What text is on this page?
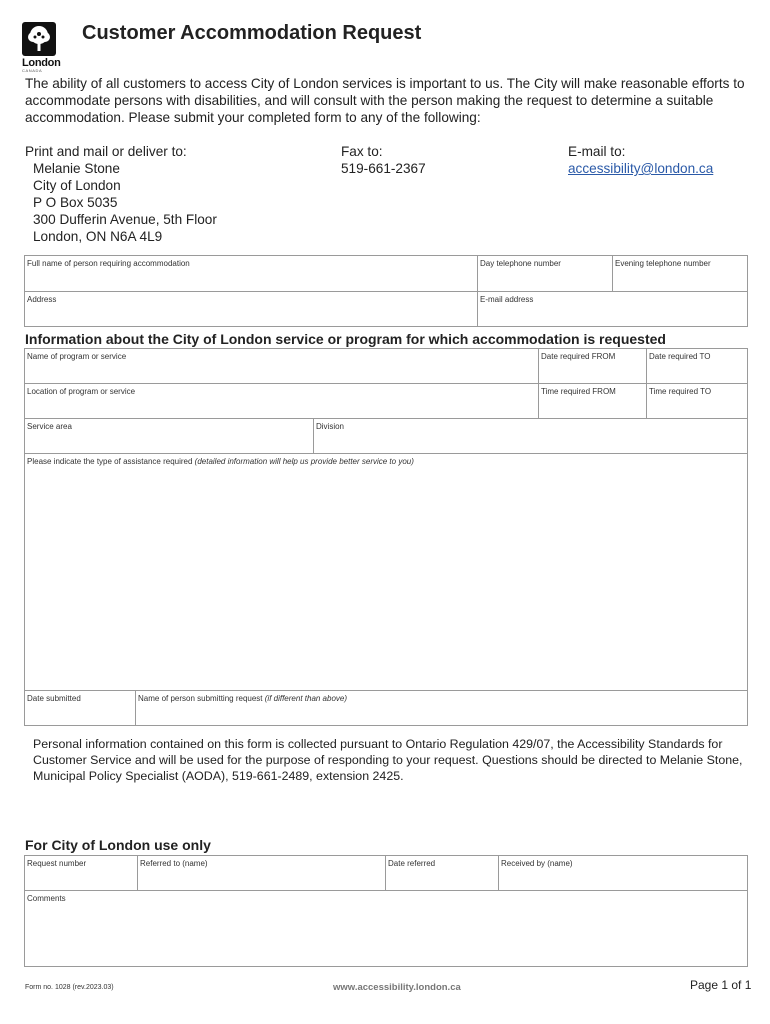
London
CANADA
Customer Accommodation Request
The ability of all customers to access City of London services is important to us. The City will make reasonable efforts to accommodate persons with disabilities, and will consult with the person making the request to determine a suitable accommodation. Please submit your completed form to any of the following:
Print and mail or deliver to:
Melanie Stone
City of London
P O Box 5035
300 Dufferin Avenue, 5th Floor
London, ON N6A 4L9
Fax to:
519-661-2367
E-mail to:
accessibility@london.ca
Full name of person requiring accommodation	Day telephone number	Evening telephone number
Address	E-mail address	
Information about the City of London service or program for which accommodation is requested
Name of program or service			Date required FROM	Date required TO
Location of program or service			Time required FROM	Time required TO
Service area		Division		
Please indicate the type of assistance required (detailed information will help us provide better service to you)				
Date submitted	Name of person submitting request (if different than above)			
Personal information contained on this form is collected pursuant to Ontario Regulation 429/07, the Accessibility Standards for Customer Service and will be used for the purpose of responding to your request. Questions should be directed to Melanie Stone, Municipal Policy Specialist (AODA), 519-661-2489, extension 2425.
For City of London use only
Request number	Referred to (name)	Date referred	Received by (name)
Comments
Form no. 1028 (rev.2023.03)	www.accessibility.london.ca	Page 1 of 1
